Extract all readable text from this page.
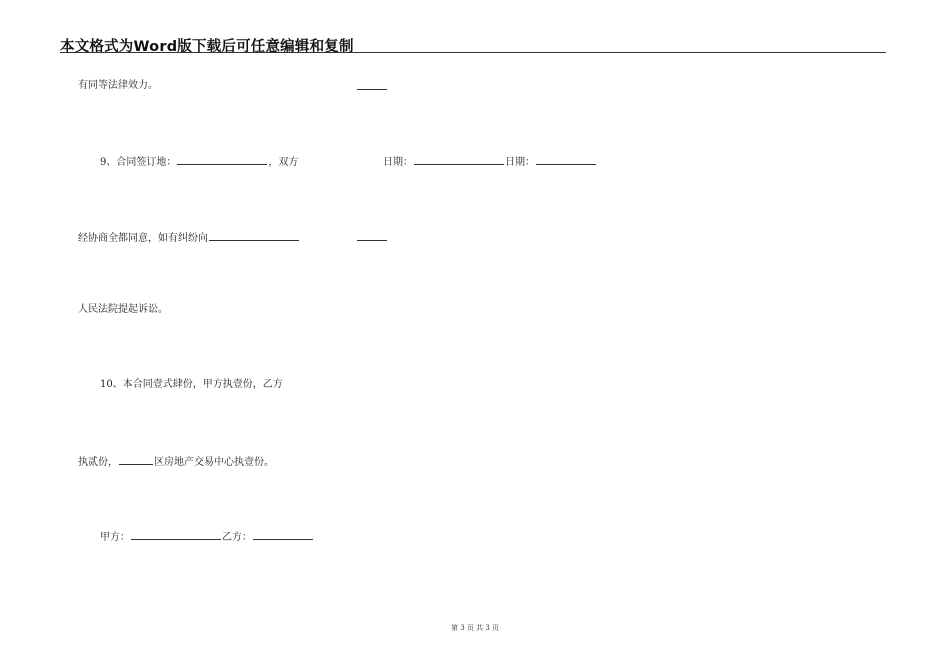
本文格式为Word版下载后可任意编辑和复制
有同等法律效力。
9、合同签订地：	，双方	日期：	日期：
经协商全都同意，如有纠纷向
人民法院提起诉讼。
10、本合同壹式肆份，甲方执壹份，乙方
执贰份，	区房地产交易中心执壹份。
甲方：	乙方：
第 3 页 共 3 页
